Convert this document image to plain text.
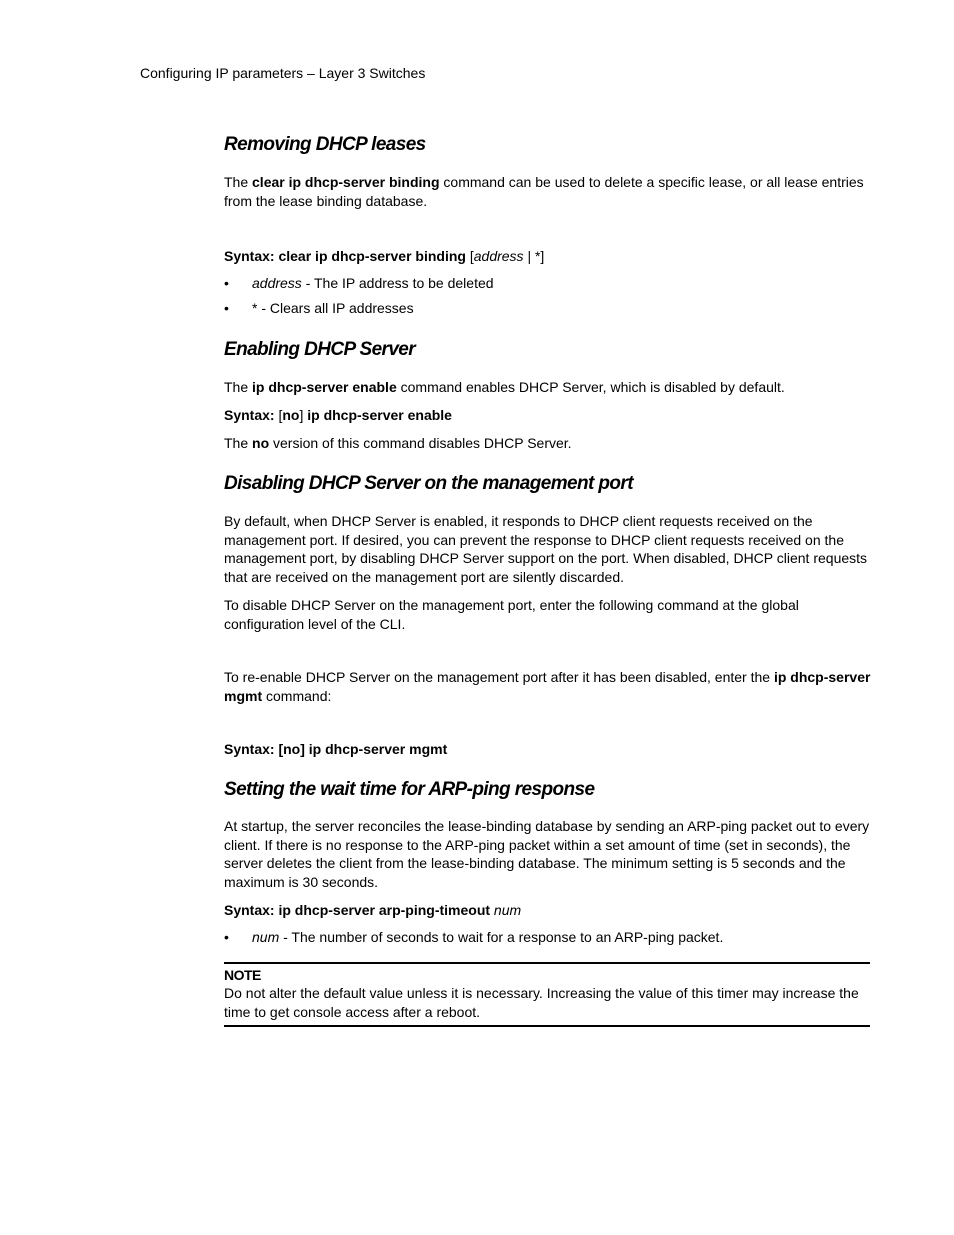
Configuring IP parameters – Layer 3 Switches
Removing DHCP leases
The clear ip dhcp-server binding command can be used to delete a specific lease, or all lease entries from the lease binding database.
Syntax: clear ip dhcp-server binding [address | *]
• address - The IP address to be deleted
• * - Clears all IP addresses
Enabling DHCP Server
The ip dhcp-server enable command enables DHCP Server, which is disabled by default.
Syntax: [no] ip dhcp-server enable
The no version of this command disables DHCP Server.
Disabling DHCP Server on the management port
By default, when DHCP Server is enabled, it responds to DHCP client requests received on the management port. If desired, you can prevent the response to DHCP client requests received on the management port, by disabling DHCP Server support on the port. When disabled, DHCP client requests that are received on the management port are silently discarded.
To disable DHCP Server on the management port, enter the following command at the global configuration level of the CLI.
To re-enable DHCP Server on the management port after it has been disabled, enter the ip dhcp-server mgmt command:
Syntax: [no] ip dhcp-server mgmt
Setting the wait time for ARP-ping response
At startup, the server reconciles the lease-binding database by sending an ARP-ping packet out to every client. If there is no response to the ARP-ping packet within a set amount of time (set in seconds), the server deletes the client from the lease-binding database. The minimum setting is 5 seconds and the maximum is 30 seconds.
Syntax: ip dhcp-server arp-ping-timeout num
• num - The number of seconds to wait for a response to an ARP-ping packet.
NOTE
Do not alter the default value unless it is necessary. Increasing the value of this timer may increase the time to get console access after a reboot.
